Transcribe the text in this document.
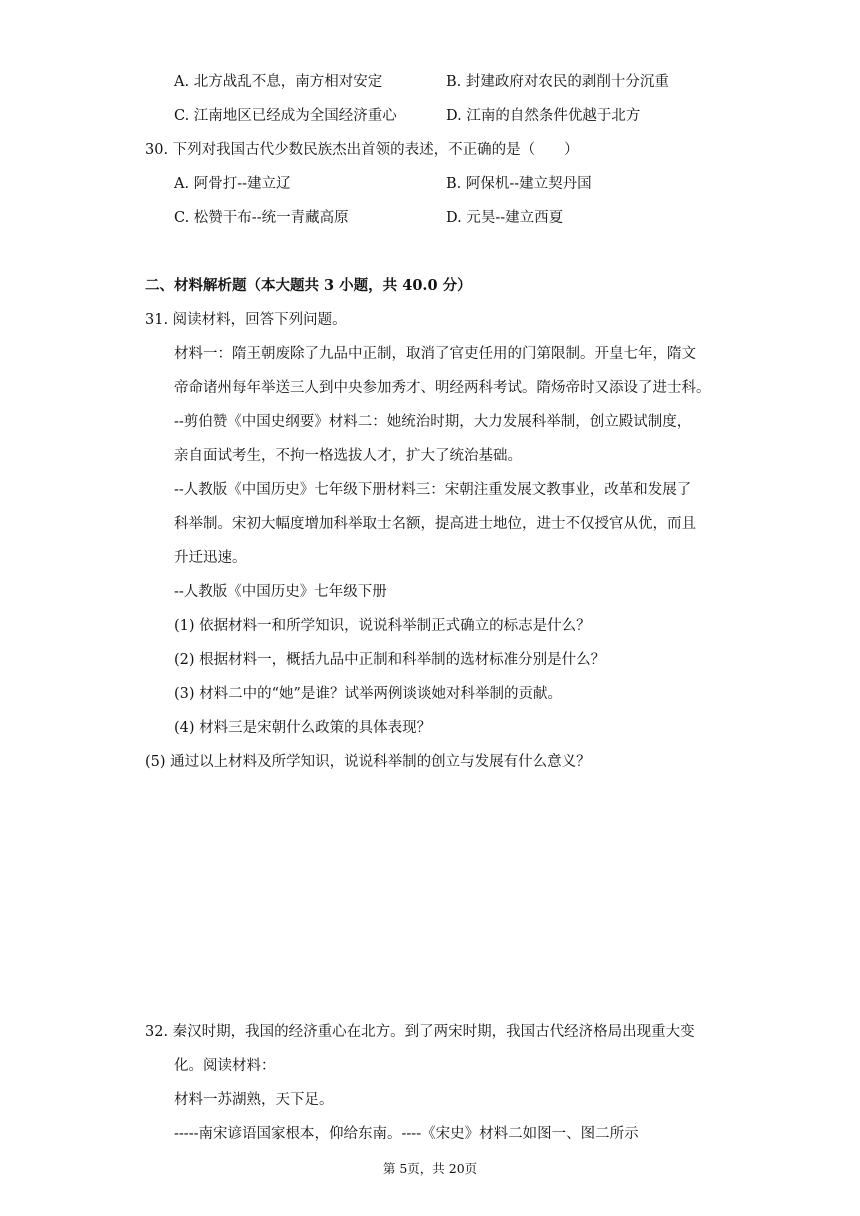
A. 北方战乱不息，南方相对安定	B. 封建政府对农民的剥削十分沉重
C. 江南地区已经成为全国经济重心	D. 江南的自然条件优越于北方
30. 下列对我国古代少数民族杰出首领的表述，不正确的是（　　）
A. 阿骨打--建立辽	B. 阿保机--建立契丹国
C. 松赞干布--统一青藏高原	D. 元昊--建立西夏
二、材料解析题（本大题共 3 小题，共 40.0 分）
31. 阅读材料，回答下列问题。
材料一：隋王朝废除了九品中正制，取消了官吏任用的门第限制。开皇七年，隋文
帝命诸州每年举送三人到中央参加秀才、明经两科考试。隋炀帝时又添设了进士科。
--剪伯赞《中国史纲要》材料二：她统治时期，大力发展科举制，创立殿试制度，
亲自面试考生，不拘一格选拔人才，扩大了统治基础。
--人教版《中国历史》七年级下册材料三：宋朝注重发展文教事业，改革和发展了
科举制。宋初大幅度增加科举取士名额，提高进士地位，进士不仅授官从优，而且
升迁迅速。
--人教版《中国历史》七年级下册
(1) 依据材料一和所学知识，说说科举制正式确立的标志是什么？
(2) 根据材料一，概括九品中正制和科举制的选材标准分别是什么？
(3) 材料二中的“她”是谁？试举两例谈谈她对科举制的贡献。
(4) 材料三是宋朝什么政策的具体表现？
(5) 通过以上材料及所学知识，说说科举制的创立与发展有什么意义？
32. 秦汉时期，我国的经济重心在北方。到了两宋时期，我国古代经济格局出现重大变
化。阅读材料：
材料一苏湖熟，天下足。
-----南宋谚语国家根本，仰给东南。----《宋史》材料二如图一、图二所示
第 5页，共 20页
